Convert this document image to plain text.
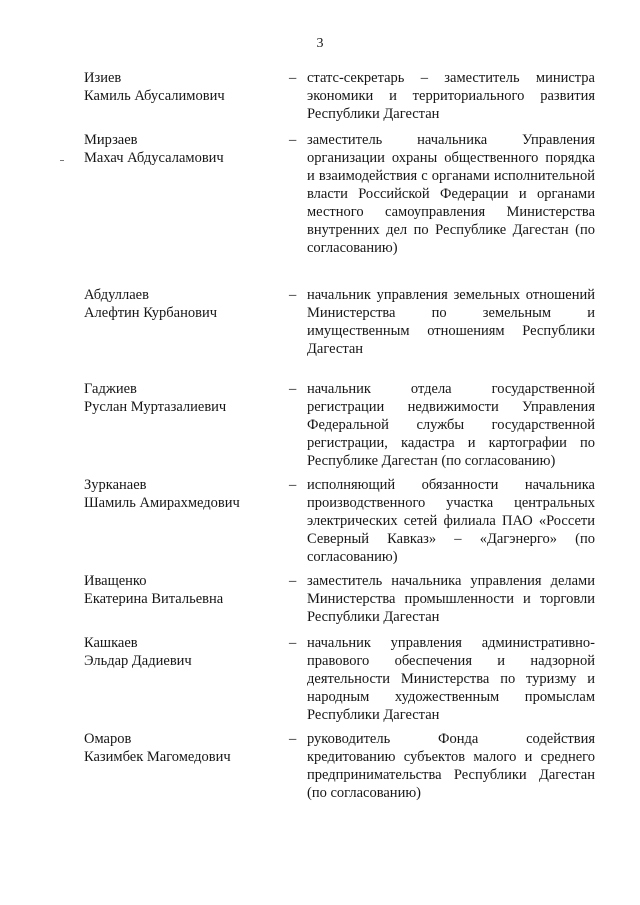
3
Изиев
Камиль Абусалимович
– статс-секретарь – заместитель министра экономики и территориального развития Республики Дагестан
Мирзаев
Махач Абдусаламович
– заместитель начальника Управления организации охраны общественного порядка и взаимодействия с органами исполнительной власти Российской Федерации и органами местного самоуправления Министерства внутренних дел по Республике Дагестан (по согласованию)
Абдуллаев
Алефтин Курбанович
– начальник управления земельных отношений Министерства по земельным и имущественным отношениям Республики Дагестан
Гаджиев
Руслан Муртазалиевич
– начальник отдела государственной регистрации недвижимости Управления Федеральной службы государственной регистрации, кадастра и картографии по Республике Дагестан (по согласованию)
Зурканаев
Шамиль Амирахмедович
– исполняющий обязанности начальника производственного участка центральных электрических сетей филиала ПАО «Россети Северный Кавказ» – «Дагэнерго» (по согласованию)
Иващенко
Екатерина Витальевна
– заместитель начальника управления делами Министерства промышленности и торговли Республики Дагестан
Кашкаев
Эльдар Дадиевич
– начальник управления административно-правового обеспечения и надзорной деятельности Министерства по туризму и народным художественным промыслам Республики Дагестан
Омаров
Казимбек Магомедович
– руководитель Фонда содействия кредитованию субъектов малого и среднего предпринимательства Республики Дагестан (по согласованию)
